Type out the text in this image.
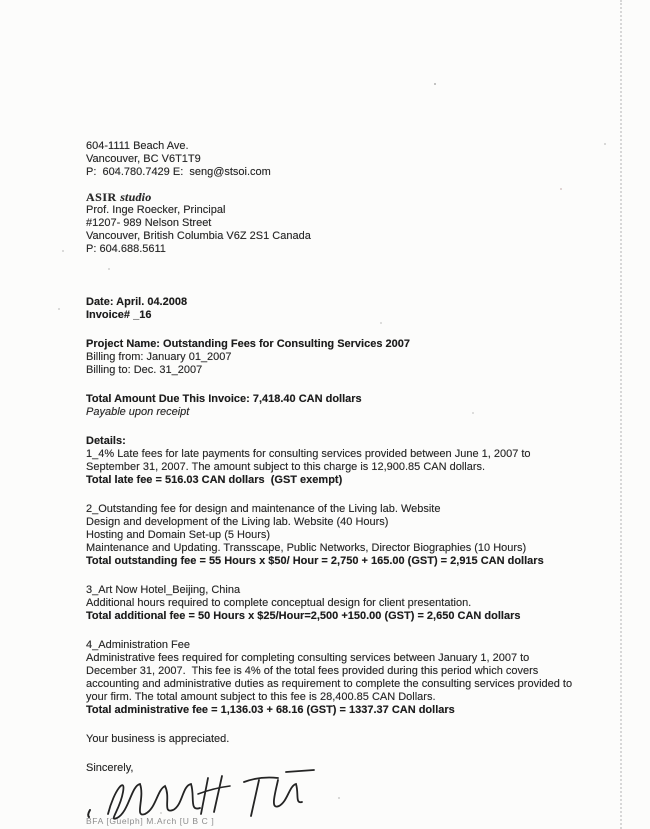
604-1111 Beach Ave.
Vancouver, BC V6T1T9
P:  604.780.7429 E:  seng@stsoi.com
ASIR studio
Prof. Inge Roecker, Principal
#1207- 989 Nelson Street
Vancouver, British Columbia V6Z 2S1 Canada
P: 604.688.5611
Date: April. 04.2008
Invoice# _16
Project Name: Outstanding Fees for Consulting Services 2007
Billing from: January 01_2007
Billing to: Dec. 31_2007
Total Amount Due This Invoice: 7,418.40 CAN dollars
Payable upon receipt
Details:
1_4% Late fees for late payments for consulting services provided between June 1, 2007 to September 31, 2007. The amount subject to this charge is 12,900.85 CAN dollars.
Total late fee = 516.03 CAN dollars  (GST exempt)
2_Outstanding fee for design and maintenance of the Living lab. Website
Design and development of the Living lab. Website (40 Hours)
Hosting and Domain Set-up (5 Hours)
Maintenance and Updating. Transscape, Public Networks, Director Biographies (10 Hours)
Total outstanding fee = 55 Hours x $50/ Hour = 2,750 + 165.00 (GST) = 2,915 CAN dollars
3_Art Now Hotel_Beijing, China
Additional hours required to complete conceptual design for client presentation.
Total additional fee = 50 Hours x $25/Hour=2,500 +150.00 (GST) = 2,650 CAN dollars
4_Administration Fee
Administrative fees required for completing consulting services between January 1, 2007 to December 31, 2007.  This fee is 4% of the total fees provided during this period which covers accounting and administrative duties as requirement to complete the consulting services provided to your firm. The total amount subject to this fee is 28,400.85 CAN Dollars.
Total administrative fee = 1,136.03 + 68.16 (GST) = 1337.37 CAN dollars
Your business is appreciated.
Sincerely,
BFA [Guelph] M.Arch [U B C ]
